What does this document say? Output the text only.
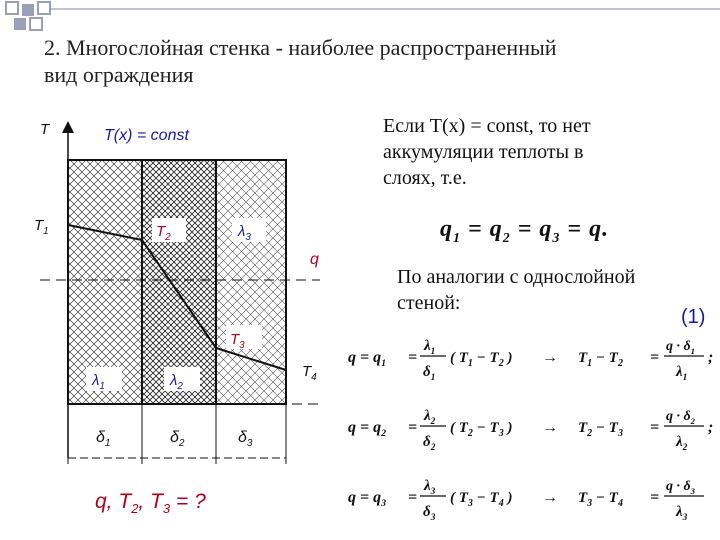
2. Многослойная стенка - наиболее распространенный
вид ограждения
Если T(x) = const, то нет
аккумуляции теплоты в
слоях, т.е.
$q_1 = q_2 = q_3 = q$.
По аналогии с однослойной
стеной:
(1)
T	T(x) = const
$T_1$	$T_2$	$\lambda_3$
q
$T_3$
$T_4$
$\lambda_1$	$\lambda_2$
$\delta_1$	$\delta_2$	$\delta_3$
$q = q_1$ =
$\lambda_1$
$\delta_1$
( $T_1 - T_2$ ) → $T_1 - T_2$ =
$q \cdot \delta_1$
$\lambda_1$
;
$q = q_2$ =
$\lambda_2$
$\delta_2$
( $T_2 - T_3$ ) → $T_2 - T_3$ =
$q \cdot \delta_2$
$\lambda_2$
;
$q = q_3$ =
$\lambda_3$
$\delta_3$
( $T_3 - T_4$ ) → $T_3 - T_4$ =
$q \cdot \delta_3$
$\lambda_3$
q, $T_2$, $T_3$ = ?
